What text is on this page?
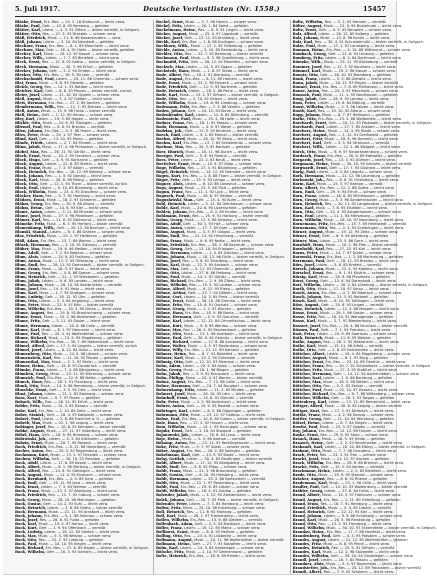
5. Juli 1917.	Deutsche Verlustlisten (Nr. 1558.)	15457
Bläske, Ernst, Ers.-Res. — 24. 2. 18 Stralsund — leicht verw.
Bläske, Paul, Gefr. — 19. 8. 95 Kemberg — gefallen
Blätter, Karl, Ldstm. — 4. 3. 91 Ottern — bisher vermißt, in Gefgsch.
Blätter, Otto, Res. — 27. 5. 93 Dresden — schwer verw.
Bläß, Friedrich, Musk. — 11. 6. 96 Kaiserslautern — verw.
Bläß, Johann, Ldstm. — 3. 10. 84 Neustadt — gefallen
Blechner, Franz, Ers.-Res. — 8. 1. 89 Mannheim — leicht verw.
Blechner, Max, Gefr. — 16. 4. 91 Halle — bisher vermißt, gefallen
Blecher, Karl, Musk. — 20. 12. 97 Kassel — schwer verw.
Blecher, Wilh., Ldstm. — 7. 7. 83 Bielefeld — leicht verw.
Bleck, Ernst, Res. — 12. 9. 92 Gotha — bisher vermißt, in Gefgsch.
Bleck, Hermann, Musk. — 30. 3. 96 Erfurt — gefallen
Bleeker, Johann, Gefr. — 2. 2. 94 Emden — leicht verw.
Bleeker, Otto, Ers.-Res. — 18. 5. 90 Leer — vermißt
Blechschmidt, Paul, Ldstm. — 25. 11. 86 Chemnitz — schwer verw.
Blei, Franz, Musk. — 9. 8. 95 Gleiwitz — gefallen
Bleich, Georg, Res. — 14. 1. 91 Ratibor — leicht verw.
Bleicher, Karl, Gefr. — 6. 6. 93 Plauen — bisher vermißt, zurück
Bleier, Josef, Ldstm. — 21. 10. 84 Oppeln — schwer verw.
Bleil, August, Musk. — 3. 4. 97 Gießen — leicht verw.
Bleis, Hermann, Ers.-Res. — 27. 2. 89 Aachen — gefallen
Blendermann, Wilh., Res. — 11. 7. 92 Bremen — leicht verw.
Bleß, Anton, Musk. — 15. 9. 96 Fulda — bisher vermißt
Bleß, Heinr., Gefr. — 1. 12. 90 Hanau — schwer verw.
Bley, Karl, Ldstm. — 19. 3. 85 Hagen — leicht verw.
Blickle, Otto, Musk. — 24. 6. 95 Tübingen — gefallen
Bliemel, Paul, Res. — 8. 8. 91 Breslau — vermißt
Blien, Johann, Ers.-Res. — 5. 5. 88 Posen — leicht verw.
Blies, Peter, Musk. — 29. 1. 97 Trier — schwer verw.
Blind, Karl, Gefr. — 13. 10. 93 Mainz — gefallen
Blinde, Friedr., Ldstm. — 2. 7. 84 Minden — leicht verw.
Blinn, Jakob, Musk. — 17. 4. 96 Pirmasens — bisher vermißt, in Gefgsch.
Blobel, Max, Res. — 26. 11. 92 Görlitz — leicht verw.
Bloch, Ernst, Musk. — 10. 2. 95 Frankfurt — schwer verw.
Bloch, Hugo, Gefr. — 4. 9. 91 Karlsruhe — gefallen
Block, August, Ldstm. — 22. 6. 83 Stettin — leicht verw.
Block, Franz, Musk. — 7. 3. 97 Köslin — vermißt
Block, Heinrich, Ers.-Res. — 16. 12. 89 Kolberg — schwer verw.
Block, Johann, Res. — 1. 5. 92 Danzig — leicht verw.
Block, Karl, Musk. — 28. 8. 96 Elbing — gefallen
Block, Otto, Gefr. — 12. 1. 94 Thorn — bisher vermißt, zurück
Block, Paul, Ldstm. — 9. 10. 85 Bromberg — leicht verw.
Block, Wilhelm, Musk. — 23. 4. 95 Graudenz — schwer verw.
Blöcker, Hans, Res. — 5. 7. 91 Hamburg — leicht verw.
Blödorn, Ernst, Musk. — 18. 2. 97 Schwerin — gefallen
Blöhm, Georg, Ers.-Res. — 30. 9. 88 Altona — vermißt
Blohm, Heinr., Gefr. — 14. 6. 93 Kiel — leicht verw.
Blome, Anton, Ldstm. — 3. 11. 84 Münster — schwer verw.
Blome, Josef, Musk. — 27. 5. 96 Paderborn — gefallen
Blömer, Karl, Res. — 11. 8. 92 Dortmund — leicht verw.
Blömeke, Fritz, Musk. — 6. 3. 95 Herford — bisher vermißt
Blomenkamp, Wilh., Gefr. — 20. 12. 90 Bochum — leicht verw.
Blonski, Stanisl., Ldstm. — 8. 4. 86 Gnesen — schwer verw.
Blos, Friedrich, Musk. — 25. 1. 97 Heilbronn — gefallen
Blöß, Adam, Ers.-Res. — 13. 7. 89 Worms — leicht verw.
Blösch, Hermann, Res. — 2. 10. 91 Zwickau — vermißt
Blüher, Max, Musk. — 19. 6. 96 Meißen — leicht verw.
Blum, Adolf, Gefr. — 7. 2. 94 Koblenz — schwer verw.
Blum, Alois, Ldstm. — 24. 9. 83 Freiburg — gefallen
Blum, Anton, Musk. — 12. 5. 95 Offenburg — leicht verw.
Blum, Emil, Res. — 28. 11. 92 Darmstadt — bisher vermißt, in Gefgsch.
Blum, Franz, Musk. — 16. 3. 97 Bonn — leicht verw.
Blum, Georg, Ers.-Res. — 4. 8. 88 Speyer — schwer verw.
Blum, Heinrich, Gefr. — 21. 1. 93 Wiesbaden — gefallen
Blum, Jakob, Ldstm. — 9. 6. 85 Landau — leicht verw.
Blum, Johann, Musk. — 26. 10. 96 Saarbrücken — vermißt
Blum, Josef, Res. — 14. 4. 91 Metz — leicht verw.
Blum, Karl, Musk. — 1. 7. 95 Stuttgart — schwer verw.
Blum, Ludwig, Gefr. — 18. 12. 92 Ulm — gefallen
Blum, Otto, Ldstm. — 5. 3. 84 Augsburg — leicht verw.
Blum, Peter, Musk. — 22. 9. 97 Köln — bisher vermißt
Blum, Wilhelm, Ers.-Res. — 10. 5. 90 Düren — leicht verw.
Blume, August, Res. — 29. 8. 92 Braunschweig — schwer verw.
Blume, Ernst, Musk. — 15. 2. 96 Hildesheim — gefallen
Blume, Fritz, Gefr. — 3. 11. 93 Goslar — leicht verw.
Blume, Hermann, Ldstm. — 20. 6. 86 Celle — vermißt
Blume, Karl, Musk. — 8. 1. 97 Hannover — leicht verw.
Blume, Paul, Res. — 25. 4. 91 Wolfenbüttel — schwer verw.
Blume, Richard, Musk. — 13. 9. 95 Magdeburg — gefallen
Blume, Wilhelm, Ers.-Res. — 30. 7. 89 Halberstadt — leicht verw.
Blümel, Alfred, Gefr. — 17. 3. 94 Liegnitz — bisher vermißt, zurück
Blümel, Josef, Ldstm. — 6. 12. 84 Glatz — leicht verw.
Blumenberg, Otto, Musk. — 24. 5. 96 Lübeck — schwer verw.
Blumenstein, Karl, Res. — 11. 10. 92 Plauen — gefallen
Blumenthal, Max, Musk. — 2. 2. 97 Berlin — leicht verw.
Blümer, Heinr., Gefr. — 19. 8. 93 Osnabrück — vermißt
Blümke, Franz, Ldstm. — 7. 4. 85 Königsberg — leicht verw.
Blümlein, Georg, Musk. — 23. 11. 95 Würzburg — schwer verw.
Blumrich, Paul, Ers.-Res. — 12. 6. 88 Neiße — gefallen
Blunck, Hans, Res. — 28. 1. 91 Flensburg — leicht verw.
Blunk, Otto, Musk. — 14. 9. 96 Rendsburg — bisher vermißt, in Gefgsch.
Bluschke, Ernst, Gefr. — 3. 5. 94 Oels — leicht verw.
Blust, Johann, Ldstm. — 21. 2. 83 Bamberg — schwer verw.
Boas, Kurt, Musk. — 9. 7. 97 Posen — gefallen
Bobach, Wilh., Res. — 26. 12. 92 Erfurt — leicht verw.
Bobbe, Fritz, Musk. — 15. 3. 95 Dessau — vermißt
Bobe, Karl, Ers.-Res. — 1. 10. 89 Zeitz — leicht verw.
Bober, Stanisl., Gefr. — 18. 4. 93 Kattowitz — schwer verw.
Bobert, Paul, Ldstm. — 5. 8. 86 Frankfurt a. O. — gefallen
Bobeth, Max, Musk. — 22. 1. 96 Leipzig — leicht verw.
Bobinger, Josef, Res. — 10. 6. 91 Kempten — bisher vermißt
Bobke, August, Musk. — 27. 11. 97 Insterburg — leicht verw.
Böbel, Hans, Gefr. — 16. 9. 94 Nürnberg — schwer verw.
Bobrowski, Joh., Ldstm. — 4. 3. 84 Allenstein — gefallen
Bobzin, Ernst, Musk. — 20. 7. 95 Rostock — leicht verw.
Boch, Friedrich, Ers.-Res. — 8. 12. 88 Heidelberg — vermißt
Bocher, Anton, Res. — 25. 5. 92 Regensburg — leicht verw.
Bochmann, Kurt, Musk. — 13. 2. 97 Dresden — schwer verw.
Bochow, Wilhelm, Gefr. — 30. 10. 93 Potsdam — gefallen
Bock, Adolf, Ldstm. — 17. 6. 85 Kassel — leicht verw.
Bock, Albert, Musk. — 6. 1. 96 Marburg — bisher vermißt, in Gefgsch.
Bock, Alfred, Res. — 24. 8. 91 Göttingen — leicht verw.
Bock, August, Musk. — 11. 4. 95 Eisenach — schwer verw.
Bock, Bernhard, Ers.-Res. — 2. 9. 89 Gera — gefallen
Bock, Emil, Gefr. — 19. 12. 94 Jena — leicht verw.
Bock, Ernst, Ldstm. — 7. 5. 84 Weimar — vermißt
Bock, Franz, Musk. — 23. 3. 97 Altenburg — leicht verw.
Bock, Friedrich, Res. — 12. 7. 92 Coburg — schwer verw.
Bock, Georg, Musk. — 28. 10. 96 Meiningen — gefallen
Bock, Gustav, Gefr. — 14. 2. 93 Suhl — leicht verw.
Bock, Heinrich, Ldstm. — 3. 6. 86 Gotha — bisher vermißt
Bock, Hermann, Musk. — 21. 11. 95 Arnstadt — leicht verw.
Bock, Johann, Ers.-Res. — 9. 1. 88 Ilmenau — schwer verw.
Bock, Josef, Res. — 26. 8. 91 Fulda — gefallen
Bock, Karl, Musk. — 15. 4. 97 Hanau — leicht verw.
Bock, Kurt, Gefr. — 1. 9. 94 Offenbach — vermißt
Bock, Ludwig, Ldstm. — 18. 12. 83 Gießen — leicht verw.
Bock, Max, Musk. — 5. 5. 96 Wetzlar — schwer verw.
Bock, Otto, Res. — 22. 2. 92 Limburg — gefallen
Bock, Paul, Musk. — 10. 10. 95 Siegen — leicht verw.
Bock, Richard, Ers.-Res. — 27. 6. 89 Hagen — bisher vermißt, in Gefgsch.
Bock, Wilhelm, Gefr. — 16. 3. 93 Iserlohn — leicht verw.
Bockel, Ernst, Musk. — 3. 7. 96 Hamm — schwer verw.
Böckel, Fritz, Ldstm. — 20. 1. 84 Soest — gefallen
Bockelmann, Heinr., Res. — 8. 9. 91 Lingen — leicht verw.
Böcker, August, Musk. — 25. 4. 97 Lippstadt — vermißt
Böcker, Josef, Gefr. — 13. 11. 93 Arnsberg — leicht verw.
Böckh, Karl, Ers.-Res. — 1. 6. 88 Esslingen — schwer verw.
Bockhorn, Wilh., Musk. — 17. 2. 95 Oldenburg — gefallen
Böckle, Anton, Ldstm. — 5. 10. 85 Ravensburg — leicht verw.
Böckler, Otto, Res. — 22. 7. 92 Bernburg — bisher vermißt
Bockmann, Paul, Musk. — 9. 3. 96 Quedlinburg — leicht verw.
Bockmühl, Fritz, Gefr. — 26. 12. 94 Elberfeld — schwer verw.
Bocksch, Max, Ldstm. — 14. 5. 83 Sagan — gefallen
Bockstedt, Hans, Musk. — 1. 8. 97 Stade — leicht verw.
Bode, Albert, Res. — 18. 4. 91 Nienburg — vermißt
Bode, August, Ers.-Res. — 6. 11. 89 Hameln — leicht verw.
Bode, Ernst, Musk. — 23. 1. 96 Einbeck — schwer verw.
Bode, Friedrich, Gefr. — 11. 9. 93 Northeim — gefallen
Bode, Heinrich, Ldstm. — 28. 5. 86 Peine — leicht verw.
Bode, Karl, Musk. — 15. 2. 97 Gifhorn — bisher vermißt, in Gefgsch.
Bode, Otto, Res. — 2. 10. 92 Uelzen — leicht verw.
Bode, Wilhelm, Musk. — 19. 6. 95 Lüneburg — schwer verw.
Bodemann, Fritz, Ers.-Res. — 7. 3. 88 Verden — gefallen
Boden, Johann, Gefr. — 24. 12. 94 Kleve — leicht verw.
Bodenbender, Karl, Ldstm. — 12. 8. 84 Dillenburg — vermißt
Bodenstein, Paul, Musk. — 29. 4. 96 Halle — leicht verw.
Bodner, Franz, Res. — 16. 1. 91 Passau — schwer verw.
Bodo, Hermann, Musk. — 4. 9. 97 Wesel — gefallen
Bodzian, Joh., Gefr. — 21. 5. 93 Beuthen — leicht verw.
Boeck, Emil, Ldstm. — 9. 2. 85 Memel — bisher vermißt
Boehm, Alfred, Musk. — 26. 10. 95 Brieg — leicht verw.
Boehm, Karl, Ers.-Res. — 13. 7. 89 Schweidnitz — schwer verw.
Boehme, Max, Res. — 30. 3. 92 Bautzen — gefallen
Boer, Hinrich, Musk. — 18. 11. 96 Aurich — leicht verw.
Boerger, Paul, Gefr. — 5. 6. 94 Rheine — vermißt
Boes, Peter, Ldstm. — 22. 2. 83 Neuß — leicht verw.
Boettcher, Ernst, Musk. — 10. 9. 97 Stolp — schwer verw.
Boge, Wilhelm, Res. — 27. 4. 91 Bückeburg — gefallen
Bögel, Heinrich, Musk. — 14. 12. 95 Detmold — leicht verw.
Bogen, Kurt, Ers.-Res. — 1. 8. 88 Thorn — bisher vermißt, in Gefgsch.
Böger, Fritz, Gefr. — 19. 3. 93 Lemgo — leicht verw.
Bogner, Alois, Ldstm. — 6. 10. 86 Landshut — schwer verw.
Bogs, August, Musk. — 23. 5. 96 Tilsit — gefallen
Bogun, Franz, Res. — 11. 1. 92 Lyck — leicht verw.
Bogusch, Paul, Musk. — 28. 8. 97 Ratibor — vermißt
Boguslawski, Stan., Gefr. — 15. 4. 94 Kulm — leicht verw.
Bohl, Heinrich, Ldstm. — 3. 12. 84 Gelnhausen — schwer verw.
Bohle, Karl, Musk. — 20. 6. 95 Lüdenscheid — gefallen
Bohlen, Johann, Ers.-Res. — 8. 2. 89 Emden — leicht verw.
Bohlmann, Ernst, Res. — 25. 9. 91 Harburg — bisher vermißt
Bohm, Georg, Musk. — 12. 5. 96 Amberg — leicht verw.
Böhm, Adolf, Gefr. — 30. 1. 93 Hof — schwer verw.
Böhm, Anton, Ldstm. — 17. 7. 85 Eger — gefallen
Böhm, August, Musk. — 4. 3. 97 Glogau — leicht verw.
Böhm, Emil, Res. — 21. 11. 92 Hirschberg — vermißt
Böhm, Franz, Musk. — 9. 6. 95 Neiße — leicht verw.
Böhm, Friedrich, Ers.-Res. — 26. 2. 88 Bayreuth — schwer verw.
Böhm, Georg, Gefr. — 13. 10. 94 Erlangen — gefallen
Böhm, Hermann, Ldstm. — 1. 4. 84 Zwickau — leicht verw.
Böhm, Johann, Musk. — 18. 12. 96 Fürth — bisher vermißt, in Gefgsch.
Böhm, Josef, Res. — 5. 8. 91 Straubing — leicht verw.
Böhm, Karl, Musk. — 22. 3. 95 Ansbach — schwer verw.
Böhm, Max, Gefr. — 9. 11. 93 Chemnitz — gefallen
Böhm, Otto, Ldstm. — 27. 6. 86 Freiberg — leicht verw.
Böhm, Paul, Musk. — 14. 1. 97 Görlitz — vermißt
Böhm, Richard, Ers.-Res. — 2. 9. 89 Zittau — leicht verw.
Böhm, Wilhelm, Res. — 19. 5. 92 Lauban — schwer verw.
Böhme, Alfred, Musk. — 6. 12. 95 Riesa — gefallen
Böhme, Arthur, Gefr. — 23. 7. 94 Döbeln — leicht verw.
Böhme, Curt, Ldstm. — 10. 3. 85 Pirna — bisher vermißt
Böhme, Ernst, Musk. — 28. 10. 96 Grimma — leicht verw.
Böhme, Fritz, Res. — 15. 6. 91 Oschatz — schwer verw.
Böhme, Georg, Musk. — 1. 2. 97 Wurzen — gefallen
Böhme, Hans, Ers.-Res. — 18. 9. 88 Borna — leicht verw.
Böhme, Hermann, Gefr. — 5. 5. 93 Glauchau — vermißt
Böhme, Karl, Ldstm. — 22. 12. 84 Crimmitschau — leicht verw.
Böhme, Kurt, Musk. — 9. 8. 95 Werdau — schwer verw.
Böhme, Max, Res. — 26. 4. 92 Reichenbach — gefallen
Böhme, Otto, Musk. — 13. 1. 96 Auerbach — leicht verw.
Böhme, Paul, Gefr. — 30. 9. 94 Oelsnitz — bisher vermißt, in Gefgsch.
Böhme, Richard, Ldstm. — 17. 6. 86 Annaberg — leicht verw.
Böhme, Walter, Musk. — 4. 3. 97 Marienberg — schwer verw.
Böhme, Willy, Ers.-Res. — 21. 11. 89 Kamenz — gefallen
Böhmer, Heinr., Res. — 8. 7. 91 Bielefeld — leicht verw.
Böhmer, Karl, Musk. — 25. 2. 95 Gütersloh — vermißt
Böhmig, Otto, Gefr. — 12. 10. 93 Meerane — leicht verw.
Bohn, Adam, Ldstm. — 29. 5. 84 Alzey — schwer verw.
Bohn, Georg, Musk. — 16. 1. 96 Bingen — gefallen
Bohn, Jakob, Res. — 3. 9. 92 Kreuznach — leicht verw.
Bohn, Philipp, Musk. — 20. 4. 97 Worms — bisher vermißt
Bohne, August, Ers.-Res. — 7. 12. 88 Celle — leicht verw.
Bohne, Hermann, Gefr. — 24. 7. 94 Burgdorf — schwer verw.
Bohnenkamp, Fritz, Ldstm. — 11. 3. 85 Minden — gefallen
Bohnert, Josef, Musk. — 28. 10. 95 Lahr — leicht verw.
Bohnhoff, Ernst, Res. — 15. 6. 91 Stendal — vermißt
Bohr, Peter, Musk. — 2. 2. 96 Andernach — leicht verw.
Bohrer, Anton, Gefr. — 19. 9. 93 Rastatt — schwer verw.
Böhringer, Karl, Ldstm. — 6. 5. 86 Göppingen — gefallen
Bohrmann, Otto, Musk. — 23. 12. 97 Cottbus — leicht verw.
Bohse, Paul, Ers.-Res. — 10. 8. 89 Guben — bisher vermißt, in Gefgsch.
Boie, Hans, Res. — 27. 4. 92 Husum — leicht verw.
Boin, Wilhelm, Musk. — 14. 1. 95 Neuruppin — schwer verw.
Bojahr, Ernst, Gefr. — 1. 10. 94 Stargard — gefallen
Bojanowski, Joh., Ldstm. — 18. 6. 84 Lissa — leicht verw.
Boje, Heinr., Musk. — 5. 3. 96 Itzehoe — vermißt
Bökamp, Anton, Res. — 22. 11. 91 Recklinghausen — leicht verw.
Boke, Fritz, Musk. — 9. 7. 97 Soest — schwer verw.
Böker, August, Ers.-Res. — 26. 2. 88 Solingen — gefallen
Bokelmann, Karl, Gefr. — 13. 9. 93 Stade — leicht verw.
Bolay, Gottlob, Ldstm. — 30. 4. 85 Reutlingen — bisher vermißt
Boldt, Albert, Musk. — 17. 12. 95 Königsberg — leicht verw.
Boldt, Emil, Res. — 4. 8. 92 Pillau — schwer verw.
Boldt, Franz, Musk. — 21. 3. 96 Braunsberg — gefallen
Boldt, Gustav, Gefr. — 8. 10. 94 Heilsberg — leicht verw.
Boldt, Hermann, Ldstm. — 25. 5. 86 Bartenstein — vermißt
Boldt, Otto, Musk. — 12. 1. 97 Rastenburg — leicht verw.
Boldt, Paul, Ers.-Res. — 29. 8. 89 Lötzen — schwer verw.
Boldt, Wilhelm, Res. — 16. 4. 91 Goldap — gefallen
Bolender, Jakob, Musk. — 3. 12. 95 Zweibrücken — leicht verw.
Bolek, Johann, Gefr. — 20. 7. 93 Pleß — bisher vermißt, in Gefgsch.
Bolender, Peter, Ldstm. — 7. 3. 84 Homburg — leicht verw.
Bolius, Fritz, Musk. — 24. 10. 96 Insterburg — schwer verw.
Boll, Heinrich, Res. — 11. 6. 92 Marburg — gefallen
Boll, Karl, Musk. — 28. 1. 97 Frankenberg — leicht verw.
Bollen, Wilhelm, Ers.-Res. — 15. 9. 88 Geldern — vermißt
Bollenbach, Adam, Gefr. — 2. 5. 94 Butzbach — leicht verw.
Böller, Franz, Ldstm. — 19. 12. 85 Mainz — schwer verw.
Bollhorst, Ernst, Musk. — 6. 8. 95 Herford — gefallen
Bolling, Otto, Res. — 23. 4. 91 Lübbecke — leicht verw.
Bollmann, August, Musk. — 10. 11. 96 Wolfenbüttel — bisher vermißt
Bollmann, Heinr., Gefr. — 27. 7. 93 Salzgitter — leicht verw.
Bolm, Karl, Ldstm. — 14. 3. 84 Gardelegen — schwer verw.
Bölsche, Fritz, Musk. — 1. 10. 97 Delmenhorst — gefallen
Bolte, Heinrich, Ers.-Res. — 18. 6. 89 Rinteln — leicht verw.
Bolte, Wilhelm, Res. — 5. 2. 92 Hameln — vermißt
Bölter, August, Musk. — 22. 9. 95 Buxtehude — leicht verw.
Boltz, Ernst, Gefr. — 9. 5. 93 Neuwied — schwer verw.
Bolz, Alfred, Ldstm. — 26. 12. 85 Kolberg — gefallen
Bolz, Johann, Musk. — 13. 8. 96 Konitz — leicht verw.
Bolz, Karl, Res. — 30. 4. 91 Schneidemühl — bisher vermißt, in Gefgsch.
Bolze, Paul, Musk. — 17. 1. 97 Landsberg — leicht verw.
Bomann, Heinr., Ers.-Res. — 4. 10. 88 Wittmund — schwer verw.
Bombach, Georg, Gefr. — 21. 6. 94 Limburg — gefallen
Bomberg, Fritz, Ldstm. — 8. 3. 84 Dortmund — leicht verw.
Bömeke, Wilh., Musk. — 25. 11. 95 Bückeburg — vermißt
Bommer, Josef, Res. — 12. 7. 92 Konstanz — leicht verw.
Bömmel, Karl, Musk. — 29. 2. 96 Kassel — schwer verw.
Bonatz, Otto, Gefr. — 16. 10. 93 Bromberg — gefallen
Bonk, Franz, Ldstm. — 3. 5. 86 Gleiwitz — leicht verw.
Bonn, Jakob, Musk. — 20. 12. 97 Mayen — bisher vermißt
Bonnet, Ernst, Ers.-Res. — 7. 8. 89 Mülhausen — leicht verw.
Bonse, Anton, Res. — 24. 4. 91 Meschede — schwer verw.
Bonsack, Paul, Musk. — 11. 1. 95 Nordhausen — gefallen
Boog, Jakob, Gefr. — 28. 9. 94 Landau — leicht verw.
Boos, Peter, Ldstm. — 15. 6. 84 Bitburg — vermißt
Boost, Wilhelm, Musk. — 2. 3. 96 Uelzen — leicht verw.
Booth, Karl, Res. — 19. 10. 92 Altona — schwer verw.
Bopp, Johann, Musk. — 6. 7. 97 Heilbronn — gefallen
Borbe, Otto, Ers.-Res. — 23. 2. 88 Weißenfels — leicht verw.
Borchardt, Ernst, Gefr. — 10. 11. 93 Pasewalk — bisher vermißt, in Gefgsch.
Borchardt, Paul, Ldstm. — 27. 7. 85 Anklam — leicht verw.
Borchers, Heinr., Musk. — 14. 4. 95 Stade — schwer verw.
Borchert, August, Res. — 1. 12. 91 Greifswald — gefallen
Borchert, Fritz, Musk. — 18. 8. 96 Demmin — leicht verw.
Borchert, Karl, Gefr. — 5. 5. 94 Stralsund — vermißt
Borchert, Wilh., Ldstm. — 22. 1. 86 Wolgast — leicht verw.
Borck, Otto, Musk. — 9. 9. 97 Neubrandenburg — schwer verw.
Bordasch, Franz, Ers.-Res. — 26. 6. 89 Kattowitz — gefallen
Borgards, Josef, Res. — 13. 3. 92 Dülmen — leicht verw.
Borgmann, Heinr., Musk. — 30. 10. 95 Iserlohn — bisher vermißt
Borgwardt, Ernst, Gefr. — 17. 7. 93 Güstrow — leicht verw.
Borig, Paul, Ldstm. — 4. 4. 84 Liegnitz — schwer verw.
Bork, Hermann, Musk. — 21. 12. 96 Lauenburg — gefallen
Borkowski, Joh., Res. — 8. 8. 91 Ortelsburg — leicht verw.
Borm, Karl, Musk. — 25. 5. 97 Itzehoe — vermißt
Born, Albert, Ers.-Res. — 12. 2. 88 Gotha — leicht verw.
Born, Emil, Gefr. — 29. 9. 94 Erfurt — schwer verw.
Born, Franz, Ldstm. — 16. 6. 85 Mühlhausen — gefallen
Born, Georg, Musk. — 3. 3. 96 Sondershausen — leicht verw.
Born, Heinrich, Res. — 20. 11. 92 Langensalza — bisher vermißt, in Gefgsch.
Born, Karl, Musk. — 7. 8. 95 Eisleben — leicht verw.
Born, Otto, Gefr. — 24. 4. 93 Sangerhausen — schwer verw.
Born, Paul, Ldstm. — 11. 1. 84 Merseburg — gefallen
Born, Wilhelm, Musk. — 28. 10. 97 Naumburg — leicht verw.
Bornemann, Fritz, Ers.-Res. — 15. 7. 89 Helmstedt — vermißt
Bornemann, Otto, Res. — 2. 4. 91 Schöningen — leicht verw.
Börner, August, Musk. — 19. 12. 95 Zeitz — schwer verw.
Börner, Ernst, Gefr. — 6. 9. 94 Altenburg — gefallen
Börner, Max, Ldstm. — 23. 5. 86 Gera — leicht verw.
Bornhöft, Hans, Musk. — 10. 2. 96 Plön — bisher vermißt
Bornholdt, Karl, Res. — 27. 10. 92 Kiel — leicht verw.
Borns, Peter, Musk. — 14. 7. 97 Düren — schwer verw.
Borowski, Franz, Ers.-Res. — 1. 3. 88 Marienburg — gefallen
Borrmann, Paul, Gefr. — 18. 11. 93 Breslau — leicht verw.
Börs, Josef, Ldstm. — 5. 8. 85 Krefeld — vermißt
Borsch, Johann, Musk. — 22. 4. 95 Koblenz — leicht verw.
Borschel, Ernst, Res. — 9. 1. 91 Küstrin — schwer verw.
Börsig, Karl, Musk. — 26. 9. 96 Pforzheim — gefallen
Borst, Georg, Gefr. — 13. 6. 94 Darmstadt — leicht verw.
Bort, Wilhelm, Ldstm. — 30. 2. 84 Lüneburg — bisher vermißt, in Gefgsch.
Borth, Otto, Musk. — 17. 10. 97 Sorau — leicht verw.
Bosch, Anton, Ers.-Res. — 4. 7. 89 Biberach — schwer verw.
Bosch, Johann, Res. — 21. 3. 92 Rottweil — gefallen
Bosch, Karl, Musk. — 8. 12. 95 Tuttlingen — leicht verw.
Böse, August, Gefr. — 25. 8. 93 Lingen — vermißt
Böse, Heinrich, Ldstm. — 12. 5. 86 Meppen — leicht verw.
Bosse, Ernst, Musk. — 29. 1. 96 Goslar — schwer verw.
Bosse, Fritz, Res. — 16. 10. 91 Wernigerode — gefallen
Bosse, Karl, Musk. — 3. 7. 97 Blankenburg — leicht verw.
Bossert, Josef, Ers.-Res. — 20. 4. 88 Bruchsal — bisher vermißt
Bössow, Paul, Gefr. — 7. 1. 94 Prenzlau — leicht verw.
Bost, Peter, Ldstm. — 24. 9. 85 Saarlouis — schwer verw.
Both, Heinrich, Musk. — 11. 6. 95 Wetzlar — gefallen
Bothe, August, Res. — 28. 2. 92 Hildesheim — leicht verw.
Bothe, Karl, Musk. — 15. 11. 96 Alfeld — vermißt
Bothe, Otto, Gefr. — 2. 8. 93 Holzminden — leicht verw.
Böttcher, Albert, Ldstm. — 19. 4. 84 Magdeburg — schwer verw.
Böttcher, August, Musk. — 6. 1. 97 Burg — gefallen
Böttcher, Ernst, Ers.-Res. — 23. 10. 89 Genthin — leicht verw.
Böttcher, Franz, Res. — 10. 7. 91 Schönebeck — bisher vermißt, in Gefgsch.
Böttcher, Fritz, Musk. — 27. 3. 95 Staßfurt — leicht verw.
Böttcher, Hermann, Gefr. — 14. 12. 94 Aschersleben — schwer verw.
Böttcher, Karl, Ldstm. — 1. 9. 86 Bernburg — gefallen
Böttcher, Max, Musk. — 18. 5. 96 Köthen — leicht verw.
Böttcher, Otto, Res. — 5. 2. 92 Zerbst — vermißt
Böttcher, Paul, Musk. — 22. 10. 97 Dessau — leicht verw.
Böttcher, Richard, Ers.-Res. — 9. 7. 88 Wittenberg — schwer verw.
Böttcher, Wilhelm, Gefr. — 26. 3. 93 Torgau — gefallen
Bottenberg, Karl, Ldstm. — 13. 12. 85 Remscheid — leicht verw.
Böttger, Alfred, Musk. — 30. 8. 95 Leipzig — bisher vermißt
Böttger, Kurt, Res. — 17. 5. 91 Delitzsch — leicht verw.
Bottke, Franz, Musk. — 4. 2. 96 Danzig — schwer verw.
Bottler, Georg, Gefr. — 21. 10. 94 Würzburg — gefallen
Bötzel, Heinr., Ldstm. — 8. 7. 84 Siegen — leicht verw.
Bowitz, Paul, Musk. — 25. 3. 97 Oppeln — vermißt
Boy, Johann, Ers.-Res. — 12. 12. 89 Husum — leicht verw.
Boyke, Ernst, Res. — 29. 8. 92 Stolp — schwer verw.
Braack, Hans, Musk. — 16. 5. 95 Heide — gefallen
Braasch, Heinr., Gefr. — 3. 2. 93 Neumünster — leicht verw.
Brabandt, Karl, Ldstm. — 20. 10. 86 Elbing — bisher vermißt, in Gefgsch.
Brabant, Otto, Musk. — 7. 7. 96 Graudenz — leicht verw.
Brach, Peter, Res. — 24. 3. 91 Trier — schwer verw.
Bracht, Josef, Musk. — 11. 12. 97 Aachen — gefallen
Brack, Wilhelm, Ers.-Res. — 28. 8. 88 Bremen — leicht verw.
Bracke, Fritz, Gefr. — 15. 5. 94 Verden — vermißt
Brackmann, Heinr., Ldstm. — 2. 2. 85 Bielefeld — leicht verw.
Brade, Otto, Musk. — 19. 9. 95 Stendal — schwer verw.
Bräcker, August, Res. — 6. 6. 92 Rheine — gefallen
Brademann, Karl, Musk. — 23. 1. 96 Celle — leicht verw.
Bradler, Paul, Gefr. — 10. 10. 93 Waldenburg — bisher vermißt
Brähler, Georg, Ldstm. — 27. 6. 84 Fulda — leicht verw.
Brand, Albert, Musk. — 14. 3. 97 Hannover — schwer verw.
Brand, August, Ers.-Res. — 1. 11. 89 Oldenburg — gefallen
Brand, Ernst, Res. — 18. 7. 91 Hamburg — leicht verw.
Brand, Friedrich, Musk. — 5. 4. 95 Lübeck — vermißt
Brand, Heinrich, Gefr. — 22. 12. 94 Kiel — leicht verw.
Brand, Johann, Ldstm. — 9. 9. 86 Schleswig — schwer verw.
Brand, Karl, Musk. — 26. 5. 96 Rendsburg — gefallen
Brand, Otto, Res. — 13. 2. 92 Flensburg — leicht verw.
Brand, Wilhelm, Musk. — 30. 10. 97 Eckernförde — bisher vermißt, in Gefgsch.
Brandau, Heinr., Ers.-Res. — 17. 7. 88 Hersfeld — leicht verw.
Brandenburg, Paul, Gefr. — 4. 4. 93 Potsdam — schwer verw.
Brandes, August, Ldstm. — 21. 12. 85 Wolfenbüttel — gefallen
Brandes, Fritz, Musk. — 8. 8. 95 Peine — leicht verw.
Brandes, Heinrich, Res. — 25. 5. 91 Gifhorn — vermißt
Brandes, Karl, Musk. — 12. 2. 96 Salzwedel — leicht verw.
Brandes, Wilhelm, Gefr. — 29. 10. 94 Gardelegen — schwer verw.
Brandl, Josef, Ldstm. — 16. 7. 84 Passau — gefallen
Brandner, Alois, Musk. — 3. 4. 97 Rosenheim — leicht verw.
Brandstetter, Joh., Ers.-Res. — 20. 12. 89 Traunstein — bisher vermißt
Brandt, Albert, Res. — 7. 9. 92 Schwerin — leicht verw.
